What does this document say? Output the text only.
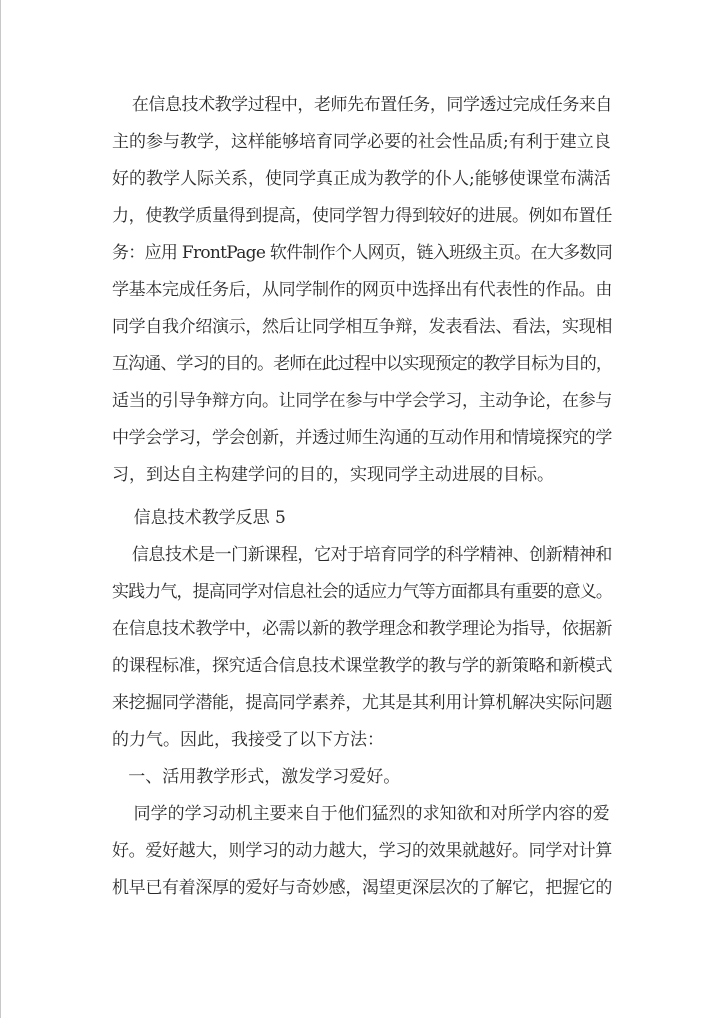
在信息技术教学过程中，老师先布置任务，同学透过完成任务来自
主的参与教学，这样能够培育同学必要的社会性品质;有利于建立良
好的教学人际关系，使同学真正成为教学的仆人;能够使课堂布满活
力，使教学质量得到提高，使同学智力得到较好的进展。例如布置任
务：应用 FrontPage 软件制作个人网页，链入班级主页。在大多数同
学基本完成任务后，从同学制作的网页中选择出有代表性的作品。由
同学自我介绍演示，然后让同学相互争辩，发表看法、看法，实现相
互沟通、学习的目的。老师在此过程中以实现预定的教学目标为目的，
适当的引导争辩方向。让同学在参与中学会学习，主动争论，在参与
中学会学习，学会创新，并透过师生沟通的互动作用和情境探究的学
习，到达自主构建学问的目的，实现同学主动进展的目标。
信息技术教学反思 5
信息技术是一门新课程，它对于培育同学的科学精神、创新精神和
实践力气，提高同学对信息社会的适应力气等方面都具有重要的意义。
在信息技术教学中，必需以新的教学理念和教学理论为指导，依据新
的课程标准，探究适合信息技术课堂教学的教与学的新策略和新模式
来挖掘同学潜能，提高同学素养，尤其是其利用计算机解决实际问题
的力气。因此，我接受了以下方法：
一、活用教学形式，激发学习爱好。
同学的学习动机主要来自于他们猛烈的求知欲和对所学内容的爱
好。爱好越大，则学习的动力越大，学习的效果就越好。同学对计算
机早已有着深厚的爱好与奇妙感，渴望更深层次的了解它，把握它的
